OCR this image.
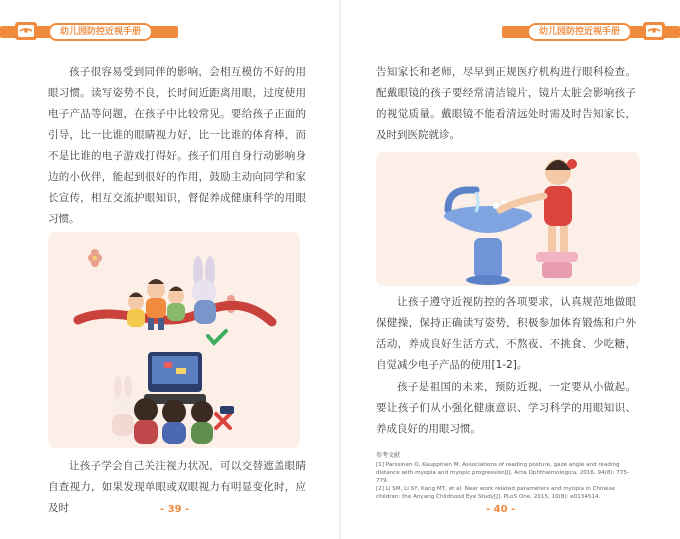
幼儿园防控近视手册

孩子很容易受到同伴的影响，会相互模仿不好的用眼习惯。读写姿势不良，长时间近距离用眼，过度使用电子产品等问题，在孩子中比较常见。要给孩子正面的引导，比一比谁的眼睛视力好，比一比谁的体育棒，而不是比谁的电子游戏打得好。孩子们用自身行动影响身边的小伙伴，能起到很好的作用，鼓励主动向同学和家长宣传，相互交流护眼知识，督促养成健康科学的用眼习惯。

让孩子学会自己关注视力状况，可以交替遮盖眼睛自查视力，如果发现单眼或双眼视力有明显变化时，应及时	- 39 -
幼儿园防控近视手册

告知家长和老师，尽早到正规医疗机构进行眼科检查。配戴眼镜的孩子要经常清洁镜片，镜片太脏会影响孩子的视觉质量。戴眼镜不能看清远处时需及时告知家长，及时到医院就诊。

让孩子遵守近视防控的各项要求，认真规范地做眼保健操，保持正确读写姿势，积极参加体育锻炼和户外活动，养成良好生活方式，不熬夜、不挑食、少吃糖，自觉减少电子产品的使用[1-2]。

孩子是祖国的未来，预防近视，一定要从小做起。要让孩子们从小强化健康意识、学习科学的用眼知识、养成良好的用眼习惯。

参考文献
[1] Parssinen O, Kauppinen M. Associations of reading posture, gaze angle and reading distance with myopia and myopic progression[J]. Acta Ophthalmologica, 2016, 94(8): 775-779.
[2] Li SM, Li SY, Kang MT, et al. Near work related parameters and myopia in Chinese children: the Anyang Childhood Eye Study[J]. PLoS One, 2015, 10(8): e0134514.
- 40 -
